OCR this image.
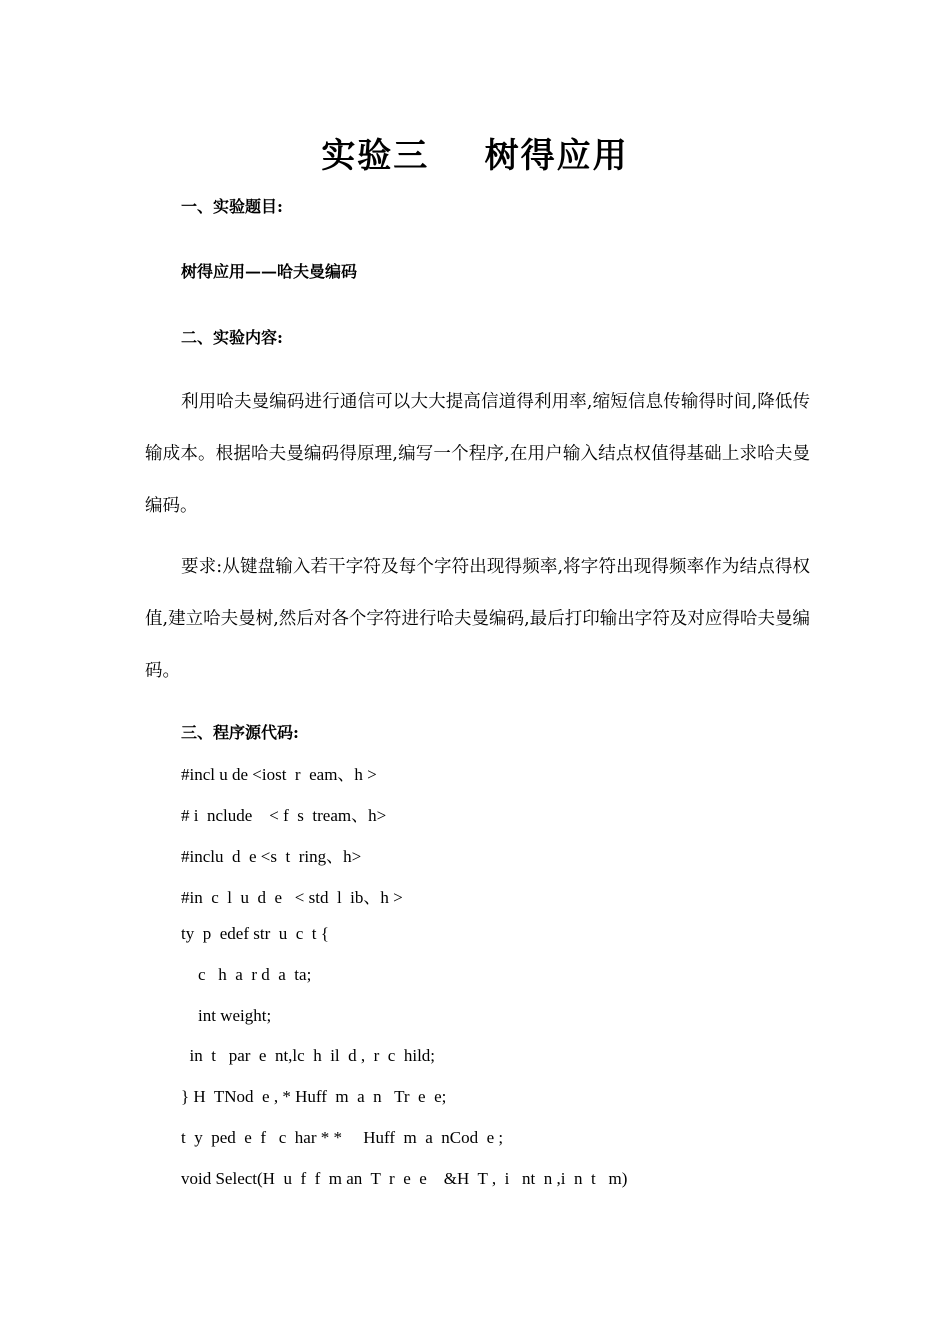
实验三    树得应用
一、实验题目:

树得应用——哈夫曼编码

二、实验内容:

利用哈夫曼编码进行通信可以大大提高信道得利用率,缩短信息传输得时间,降低传输成本。根据哈夫曼编码得原理,编写一个程序,在用户输入结点权值得基础上求哈夫曼编码。

要求:从键盘输入若干字符及每个字符出现得频率,将字符出现得频率作为结点得权值,建立哈夫曼树,然后对各个字符进行哈夫曼编码,最后打印输出字符及对应得哈夫曼编码。

三、程序源代码:
#incl u de <iost  r  eam、h >
# i  nclude    < f  s  tream、h>
#inclu  d  e <s  t  ring、h>
#in  c  l  u  d  e   < std  l  ib、h >
ty  p  edef str  u  c  t {
c   h  a  r d  a  ta;
int weight;
in  t   par  e  nt,lc  h  il  d ,  r  c  hild;
} H  TNod  e , * Huff  m  a  n   Tr  e  e;
t  y  ped  e  f   c  har * *     Huff  m  a  nCod  e ;
void Select(H  u  f  f  m an  T  r  e  e    &H  T ,  i   nt  n ,i  n  t   m)
